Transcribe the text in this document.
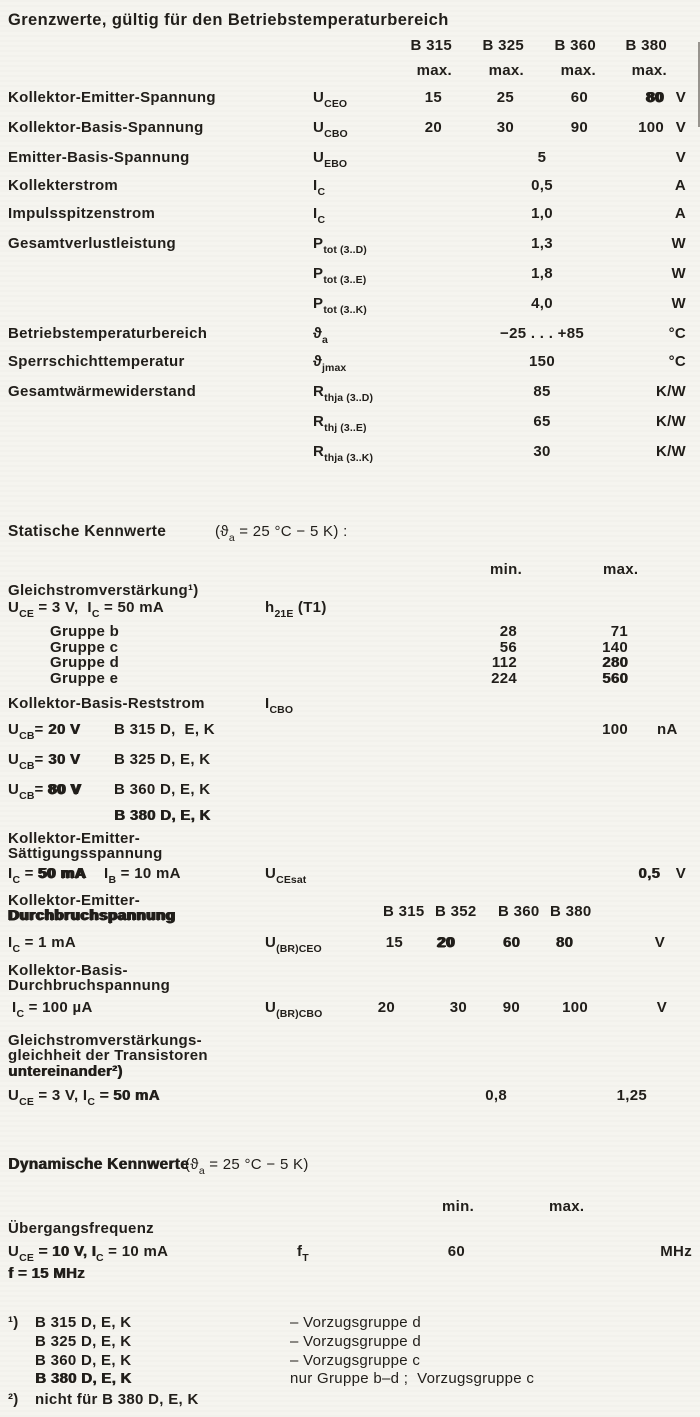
Grenzwerte, gültig für den Betriebstemperaturbereich
B 315	B 325	B 360	B 380
max.	max.	max.	max.
Kollektor-Emitter-Spannung	$U_{CEO}$	15	25	60	80 V
Kollektor-Basis-Spannung	$U_{CBO}$	20	30	90	100 V
Emitter-Basis-Spannung	$U_{EBO}$	5	V
Kollekterstrom	$I_C$	0,5	A
Impulsspitzenstrom	$I_C$	1,0	A
Gesamtverlustleistung	$P_{tot (3..D)}$	1,3	W
$P_{tot (3..E)}$	1,8	W
$P_{tot (3..K)}$	4,0	W
Betriebstemperaturbereich	$ϑ_a$	−25 . . . +85	°C
Sperrschichttemperatur	$ϑ_{jmax}$	150	°C
Gesamtwärmewiderstand	$R_{thja (3..D)}$	85	K/W
$R_{thj (3..E)}$	65	K/W
$R_{thja (3..K)}$	30	K/W
Statische Kennwerte	($ϑ_a = 25$ °C − 5 K) :
min.	max.
Gleichstromverstärkung¹)
$U_{CE} = 3$ V,  $I_C = 50$ mA	$h_{21E}$ (T1)
Gruppe b	28	71
Gruppe c	56	140
Gruppe d	112	280
Gruppe e	224	560
Kollektor-Basis-Reststrom	$I_{CBO}$
$U_{CB}= 20$ V B 315 D,  E, K	100 nA
$U_{CB}= 30$ V B 325 D, E, K
$U_{CB}= 80$ V B 360 D, E, K
B 380 D, E, K
Kollektor-Emitter-
Sättigungsspannung
$I_C = 50$ mA    $I_B = 10$ mA	$U_{CEsat}$	0,5	V
Kollektor-Emitter-
B 315 B 352 B 360 B 380
Durchbruchspannung
$I_C = 1$ mA	$U_{(BR)CEO}$	15	20	60	80	V
Kollektor-Basis-
Durchbruchspannung
$I_C = 100$ µA	$U_{(BR)CBO}$	20	30	90	100	V
Gleichstromverstärkungs-
gleichheit der Transistoren
untereinander²)
$U_{CE} = 3$ V, $I_C = 50$ mA	0,8	1,25
Dynamische Kennwerte
($ϑ_a = 25$ °C − 5 K)
min.	max.
Übergangsfrequenz
$U_{CE} = 10$ V, $I_C = 10$ mA	$f_T$	60	MHz
f = 15 MHz
¹) B 315 D, E, K	– Vorzugsgruppe d
B 325 D, E, K	– Vorzugsgruppe d
B 360 D, E, K	– Vorzugsgruppe c
B 380 D, E, K	nur Gruppe b–d ;  Vorzugsgruppe c
²) nicht für B 380 D, E, K
